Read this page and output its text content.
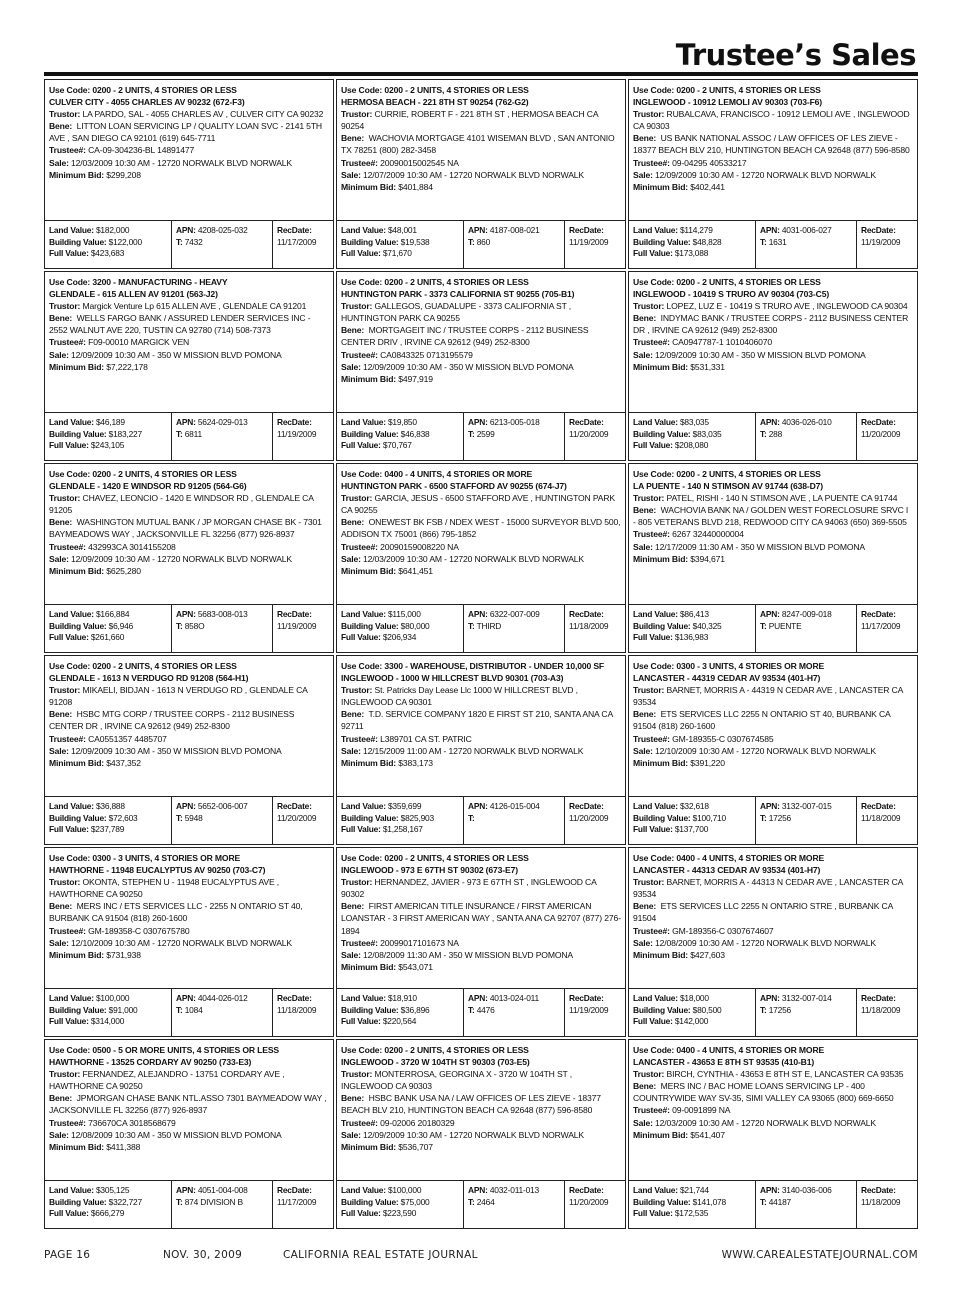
Trustee’s Sales
Use Code: 0200 - 2 UNITS, 4 STORIES OR LESS
CULVER CITY - 4055 CHARLES AV 90232 (672-F3)
Trustor: LA PARDO, SAL - 4055 CHARLES AV , CULVER CITY CA 90232
Bene: LITTON LOAN SERVICING LP / QUALITY LOAN SVC - 2141 5TH AVE , SAN DIEGO CA 92101 (619) 645-7711
Trustee#: CA-09-304236-BL 14891477
Sale: 12/03/2009 10:30 AM - 12720 NORWALK BLVD NORWALK
Minimum Bid: $299,208
Land Value: $182,000
Building Value: $122,000
Full Value: $423,683
APN: 4208-025-032
T: 7432
RecDate:
11/17/2009
Use Code: 0200 - 2 UNITS, 4 STORIES OR LESS
HERMOSA BEACH - 221 8TH ST 90254 (762-G2)
Trustor: CURRIE, ROBERT F - 221 8TH ST , HERMOSA BEACH CA 90254
Bene: WACHOVIA MORTGAGE 4101 WISEMAN BLVD , SAN ANTONIO TX 78251 (800) 282-3458
Trustee#: 20090015002545 NA
Sale: 12/07/2009 10:30 AM - 12720 NORWALK BLVD NORWALK
Minimum Bid: $401,884
Land Value: $48,001
Building Value: $19,538
Full Value: $71,670
APN: 4187-008-021
T: 860
RecDate:
11/19/2009
Use Code: 0200 - 2 UNITS, 4 STORIES OR LESS
INGLEWOOD - 10912 LEMOLI AV 90303 (703-F6)
Trustor: RUBALCAVA, FRANCISCO - 10912 LEMOLI AVE , INGLEWOOD CA 90303
Bene: US BANK NATIONAL ASSOC / LAW OFFICES OF LES ZIEVE - 18377 BEACH BLV 210, HUNTINGTON BEACH CA 92648 (877) 596-8580
Trustee#: 09-04295 40533217
Sale: 12/09/2009 10:30 AM - 12720 NORWALK BLVD NORWALK
Minimum Bid: $402,441
Land Value: $114,279
Building Value: $48,828
Full Value: $173,088
APN: 4031-006-027
T: 1631
RecDate:
11/19/2009
Use Code: 3200 - MANUFACTURING - HEAVY
GLENDALE - 615 ALLEN AV 91201 (563-J2)
Trustor: Margick Venture Lp 615 ALLEN AVE , GLENDALE CA 91201
Bene: WELLS FARGO BANK / ASSURED LENDER SERVICES INC - 2552 WALNUT AVE 220, TUSTIN CA 92780 (714) 508-7373
Trustee#: F09-00010 MARGICK VEN
Sale: 12/09/2009 10:30 AM - 350 W MISSION BLVD POMONA
Minimum Bid: $7,222,178
Land Value: $46,189
Building Value: $183,227
Full Value: $243,105
APN: 5624-029-013
T: 6811
RecDate:
11/19/2009
Use Code: 0200 - 2 UNITS, 4 STORIES OR LESS
HUNTINGTON PARK - 3373 CALIFORNIA ST 90255 (705-B1)
Trustor: GALLEGOS, GUADALUPE - 3373 CALIFORNIA ST , HUNTINGTON PARK CA 90255
Bene: MORTGAGEIT INC / TRUSTEE CORPS - 2112 BUSINESS CENTER DRIV , IRVINE CA 92612 (949) 252-8300
Trustee#: CA0843325 0713195579
Sale: 12/09/2009 10:30 AM - 350 W MISSION BLVD POMONA
Minimum Bid: $497,919
Land Value: $19,850
Building Value: $46,838
Full Value: $70,767
APN: 6213-005-018
T: 2599
RecDate:
11/20/2009
Use Code: 0200 - 2 UNITS, 4 STORIES OR LESS
INGLEWOOD - 10419 S TRURO AV 90304 (703-C5)
Trustor: LOPEZ, LUZ E - 10419 S TRURO AVE , INGLEWOOD CA 90304
Bene: INDYMAC BANK / TRUSTEE CORPS - 2112 BUSINESS CENTER DR , IRVINE CA 92612 (949) 252-8300
Trustee#: CA0947787-1 1010406070
Sale: 12/09/2009 10:30 AM - 350 W MISSION BLVD POMONA
Minimum Bid: $531,331
Land Value: $83,035
Building Value: $83,035
Full Value: $208,080
APN: 4036-026-010
T: 288
RecDate:
11/20/2009
Use Code: 0200 - 2 UNITS, 4 STORIES OR LESS
GLENDALE - 1420 E WINDSOR RD 91205 (564-G6)
Trustor: CHAVEZ, LEONCIO - 1420 E WINDSOR RD , GLENDALE CA 91205
Bene: WASHINGTON MUTUAL BANK / JP MORGAN CHASE BK - 7301 BAYMEADOWS WAY , JACKSONVILLE FL 32256 (877) 926-8937
Trustee#: 432993CA 3014155208
Sale: 12/09/2009 10:30 AM - 12720 NORWALK BLVD NORWALK
Minimum Bid: $625,280
Land Value: $166,884
Building Value: $6,946
Full Value: $261,660
APN: 5683-008-013
T: 858O
RecDate:
11/19/2009
Use Code: 0400 - 4 UNITS, 4 STORIES OR MORE
HUNTINGTON PARK - 6500 STAFFORD AV 90255 (674-J7)
Trustor: GARCIA, JESUS - 6500 STAFFORD AVE , HUNTINGTON PARK CA 90255
Bene: ONEWEST BK FSB / NDEX WEST - 15000 SURVEYOR BLVD 500, ADDISON TX 75001 (866) 795-1852
Trustee#: 20090159008220 NA
Sale: 12/03/2009 10:30 AM - 12720 NORWALK BLVD NORWALK
Minimum Bid: $641,451
Land Value: $115,000
Building Value: $80,000
Full Value: $206,934
APN: 6322-007-009
T: THIRD
RecDate:
11/18/2009
Use Code: 0200 - 2 UNITS, 4 STORIES OR LESS
LA PUENTE - 140 N STIMSON AV 91744 (638-D7)
Trustor: PATEL, RISHI - 140 N STIMSON AVE , LA PUENTE CA 91744
Bene: WACHOVIA BANK NA / GOLDEN WEST FORECLOSURE SRVC I - 805 VETERANS BLVD 218, REDWOOD CITY CA 94063 (650) 369-5505
Trustee#: 6267 32440000004
Sale: 12/17/2009 11:30 AM - 350 W MISSION BLVD POMONA
Minimum Bid: $394,671
Land Value: $86,413
Building Value: $40,325
Full Value: $136,983
APN: 8247-009-018
T: PUENTE
RecDate:
11/17/2009
Use Code: 0200 - 2 UNITS, 4 STORIES OR LESS
GLENDALE - 1613 N VERDUGO RD 91208 (564-H1)
Trustor: MIKAELI, BIDJAN - 1613 N VERDUGO RD , GLENDALE CA 91208
Bene: HSBC MTG CORP / TRUSTEE CORPS - 2112 BUSINESS CENTER DR , IRVINE CA 92612 (949) 252-8300
Trustee#: CA0551357 4485707
Sale: 12/09/2009 10:30 AM - 350 W MISSION BLVD POMONA
Minimum Bid: $437,352
Land Value: $36,888
Building Value: $72,603
Full Value: $237,789
APN: 5652-006-007
T: 5948
RecDate:
11/20/2009
Use Code: 3300 - WAREHOUSE, DISTRIBUTOR - UNDER 10,000 SF
INGLEWOOD - 1000 W HILLCREST BLVD 90301 (703-A3)
Trustor: St. Patricks Day Lease Llc 1000 W HILLCREST BLVD , INGLEWOOD CA 90301
Bene: T.D. SERVICE COMPANY 1820 E FIRST ST 210, SANTA ANA CA 92711
Trustee#: L389701 CA ST. PATRIC
Sale: 12/15/2009 11:00 AM - 12720 NORWALK BLVD NORWALK
Minimum Bid: $383,173
Land Value: $359,699
Building Value: $825,903
Full Value: $1,258,167
APN: 4126-015-004
T:
RecDate:
11/20/2009
Use Code: 0300 - 3 UNITS, 4 STORIES OR MORE
LANCASTER - 44319 CEDAR AV 93534 (401-H7)
Trustor: BARNET, MORRIS A - 44319 N CEDAR AVE , LANCASTER CA 93534
Bene: ETS SERVICES LLC 2255 N ONTARIO ST 40, BURBANK CA 91504 (818) 260-1600
Trustee#: GM-189355-C 0307674585
Sale: 12/10/2009 10:30 AM - 12720 NORWALK BLVD NORWALK
Minimum Bid: $391,220
Land Value: $32,618
Building Value: $100,710
Full Value: $137,700
APN: 3132-007-015
T: 17256
RecDate:
11/18/2009
Use Code: 0300 - 3 UNITS, 4 STORIES OR MORE
HAWTHORNE - 11948 EUCALYPTUS AV 90250 (703-C7)
Trustor: OKONTA, STEPHEN U - 11948 EUCALYPTUS AVE , HAWTHORNE CA 90250
Bene: MERS INC / ETS SERVICES LLC - 2255 N ONTARIO ST 40, BURBANK CA 91504 (818) 260-1600
Trustee#: GM-189358-C 0307675780
Sale: 12/10/2009 10:30 AM - 12720 NORWALK BLVD NORWALK
Minimum Bid: $731,938
Land Value: $100,000
Building Value: $91,000
Full Value: $314,000
APN: 4044-026-012
T: 1084
RecDate:
11/18/2009
Use Code: 0200 - 2 UNITS, 4 STORIES OR LESS
INGLEWOOD - 973 E 67TH ST 90302 (673-E7)
Trustor: HERNANDEZ, JAVIER - 973 E 67TH ST , INGLEWOOD CA 90302
Bene: FIRST AMERICAN TITLE INSURANCE / FIRST AMERICAN LOANSTAR - 3 FIRST AMERICAN WAY , SANTA ANA CA 92707 (877) 276-1894
Trustee#: 20099017101673 NA
Sale: 12/08/2009 11:30 AM - 350 W MISSION BLVD POMONA
Minimum Bid: $543,071
Land Value: $18,910
Building Value: $36,896
Full Value: $220,564
APN: 4013-024-011
T: 4476
RecDate:
11/19/2009
Use Code: 0400 - 4 UNITS, 4 STORIES OR MORE
LANCASTER - 44313 CEDAR AV 93534 (401-H7)
Trustor: BARNET, MORRIS A - 44313 N CEDAR AVE , LANCASTER CA 93534
Bene: ETS SERVICES LLC 2255 N ONTARIO STRE , BURBANK CA 91504
Trustee#: GM-189356-C 0307674607
Sale: 12/08/2009 10:30 AM - 12720 NORWALK BLVD NORWALK
Minimum Bid: $427,603
Land Value: $18,000
Building Value: $80,500
Full Value: $142,000
APN: 3132-007-014
T: 17256
RecDate:
11/18/2009
Use Code: 0500 - 5 OR MORE UNITS, 4 STORIES OR LESS
HAWTHORNE - 13525 CORDARY AV 90250 (733-E3)
Trustor: FERNANDEZ, ALEJANDRO - 13751 CORDARY AVE , HAWTHORNE CA 90250
Bene: JPMORGAN CHASE BANK NTL.ASSO 7301 BAYMEADOW WAY , JACKSONVILLE FL 32256 (877) 926-8937
Trustee#: 736670CA 3018568679
Sale: 12/08/2009 10:30 AM - 350 W MISSION BLVD POMONA
Minimum Bid: $411,388
Land Value: $305,125
Building Value: $322,727
Full Value: $666,279
APN: 4051-004-008
T: 874 DIVISION B
RecDate:
11/17/2009
Use Code: 0200 - 2 UNITS, 4 STORIES OR LESS
INGLEWOOD - 3720 W 104TH ST 90303 (703-E5)
Trustor: MONTERROSA, GEORGINA X - 3720 W 104TH ST , INGLEWOOD CA 90303
Bene: HSBC BANK USA NA / LAW OFFICES OF LES ZIEVE - 18377 BEACH BLV 210, HUNTINGTON BEACH CA 92648 (877) 596-8580
Trustee#: 09-02006 20180329
Sale: 12/09/2009 10:30 AM - 12720 NORWALK BLVD NORWALK
Minimum Bid: $536,707
Land Value: $100,000
Building Value: $75,000
Full Value: $223,590
APN: 4032-011-013
T: 2464
RecDate:
11/20/2009
Use Code: 0400 - 4 UNITS, 4 STORIES OR MORE
LANCASTER - 43653 E 8TH ST 93535 (410-B1)
Trustor: BIRCH, CYNTHIA - 43653 E 8TH ST E, LANCASTER CA 93535
Bene: MERS INC / BAC HOME LOANS SERVICING LP - 400 COUNTRYWIDE WAY SV-35, SIMI VALLEY CA 93065 (800) 669-6650
Trustee#: 09-0091899 NA
Sale: 12/03/2009 10:30 AM - 12720 NORWALK BLVD NORWALK
Minimum Bid: $541,407
Land Value: $21,744
Building Value: $141,078
Full Value: $172,535
APN: 3140-036-006
T: 44187
RecDate:
11/18/2009
PAGE 16	NOV. 30, 2009	CALIFORNIA REAL ESTATE JOURNAL	WWW.CAREALESTATEJOURNAL.COM
